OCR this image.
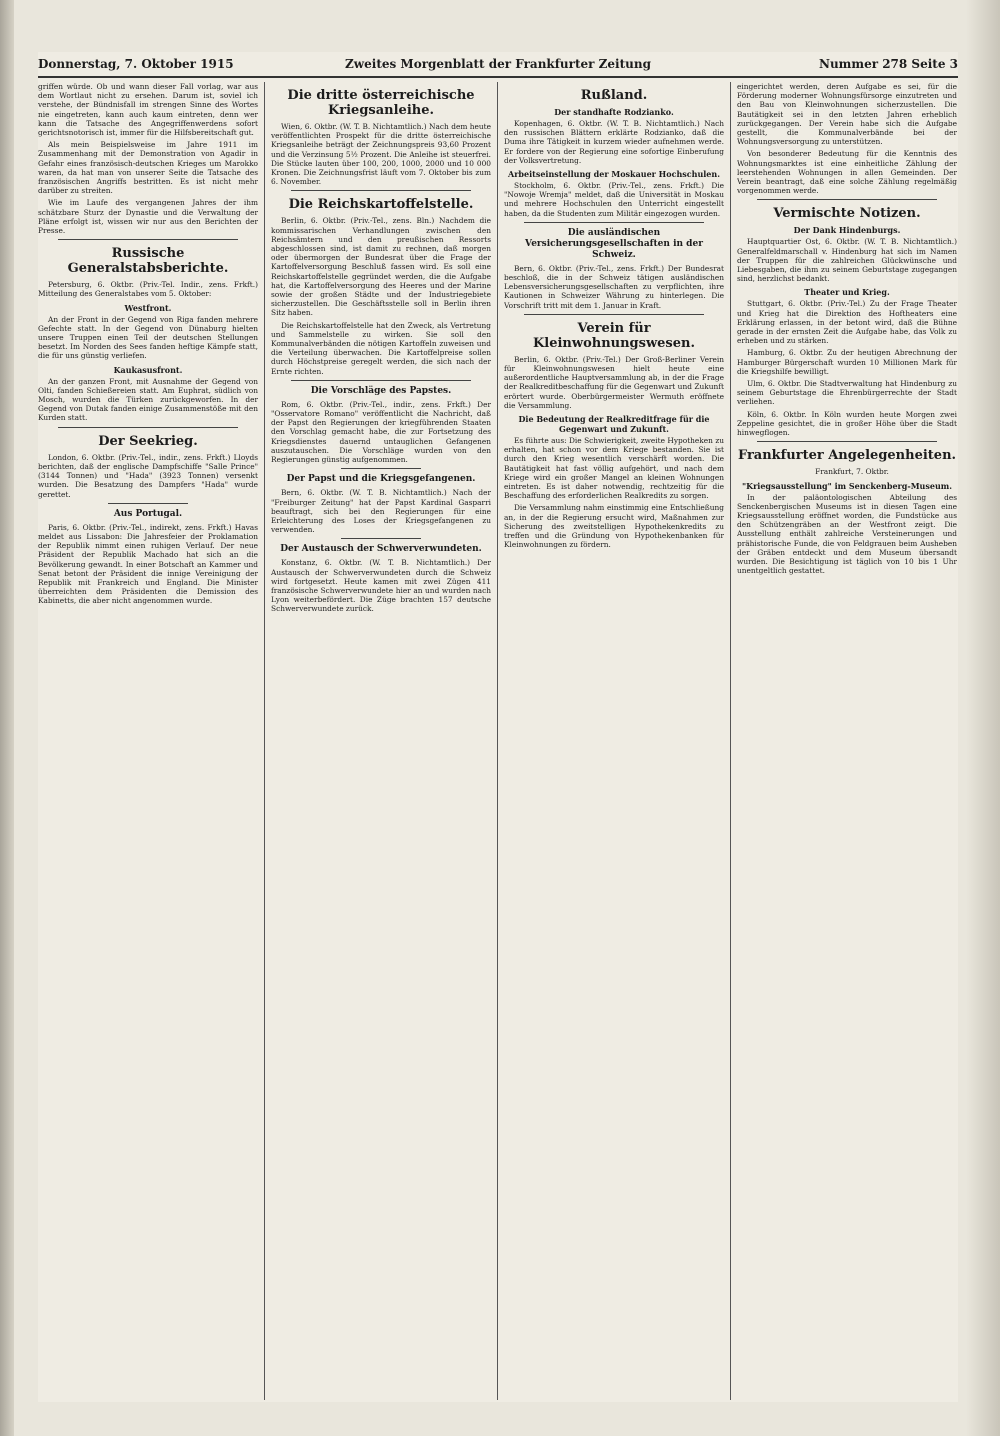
Donnerstag, 7. Oktober 1915	Zweites Morgenblatt der Frankfurter Zeitung	Nummer 278 Seite 3

griffen würde. Ob und wann dieser Fall vorlag, war aus dem Wortlaut nicht zu ersehen. Darum ist, soviel ich verstehe, der Bündnisfall im strengen Sinne des Wortes nie eingetreten, kann auch kaum eintreten, denn wer kann die Tatsache des Angegriffenwerdens sofort gerichtsnotorisch ist, immer für die Hilfsbereitschaft gut.

Als mein Beispielsweise im Jahre 1911 im Zusammenhang mit der Demonstration von Agadir in Gefahr eines französisch-deutschen Krieges um Marokko waren, da hat man von unserer Seite die Tatsache des französischen Angriffs bestritten. Es ist nicht mehr darüber zu streiten.

Wie im Laufe des vergangenen Jahres der ihm schätzbare Sturz der Dynastie und die Verwaltung der Pläne erfolgt ist, wissen wir nur aus den Berichten der Presse.

Russische Generalstabsberichte.

Petersburg, 6. Oktbr. (Priv.-Tel. Indir., zens. Frkft.) Mitteilung des Generalstabes vom 5. Oktober:

Westfront.

An der Front in der Gegend von Riga fanden mehrere Gefechte statt. In der Gegend von Dünaburg hielten unsere Truppen einen Teil der deutschen Stellungen besetzt. Im Norden des Sees fanden heftige Kämpfe statt, die für uns günstig verliefen.

Kaukasusfront.

An der ganzen Front, mit Ausnahme der Gegend von Olti, fanden Schießereien statt. Am Euphrat, südlich von Mosch, wurden die Türken zurückgeworfen. In der Gegend von Dutak fanden einige Zusammenstöße mit den Kurden statt.

Der Seekrieg.

London, 6. Oktbr. (Priv.-Tel., indir., zens. Frkft.) Lloyds berichten, daß der englische Dampfschiffe "Salle Prince" (3144 Tonnen) und "Hada" (3923 Tonnen) versenkt wurden. Die Besatzung des Dampfers "Hada" wurde gerettet.

Aus Portugal.

Paris, 6. Oktbr. (Priv.-Tel., indirekt, zens. Frkft.) Havas meldet aus Lissabon: Die Jahresfeier der Proklamation der Republik nimmt einen ruhigen Verlauf. Der neue Präsident der Republik Machado hat sich an die Bevölkerung gewandt. In einer Botschaft an Kammer und Senat betont der Präsident die innige Vereinigung der Republik mit Frankreich und England. Die Minister überreichten dem Präsidenten die Demission des Kabinetts, die aber nicht angenommen wurde.

Die dritte österreichische Kriegsanleihe.

Wien, 6. Oktbr. (W. T. B. Nichtamtlich.) Nach dem heute veröffentlichten Prospekt für die dritte österreichische Kriegsanleihe beträgt der Zeichnungspreis 93,60 Prozent und die Verzinsung 5½ Prozent. Die Anleihe ist steuerfrei. Die Stücke lauten über 100, 200, 1000, 2000 und 10 000 Kronen. Die Zeichnungsfrist läuft vom 7. Oktober bis zum 6. November.

Die Reichskartoffelstelle.

Berlin, 6. Oktbr. (Priv.-Tel., zens. Bln.) Nachdem die kommissarischen Verhandlungen zwischen den Reichsämtern und den preußischen Ressorts abgeschlossen sind, ist damit zu rechnen, daß morgen oder übermorgen der Bundesrat über die Frage der Kartoffelversorgung Beschluß fassen wird. Es soll eine Reichskartoffelstelle gegründet werden, die die Aufgabe hat, die Kartoffelversorgung des Heeres und der Marine sowie der großen Städte und der Industriegebiete sicherzustellen. Die Geschäftsstelle soll in Berlin ihren Sitz haben.

Die Reichskartoffelstelle hat den Zweck, als Vertretung und Sammelstelle zu wirken. Sie soll den Kommunalverbänden die nötigen Kartoffeln zuweisen und die Verteilung überwachen. Die Kartoffelpreise sollen durch Höchstpreise geregelt werden, die sich nach der Ernte richten.

Die Vorschläge des Papstes.

Rom, 6. Oktbr. (Priv.-Tel., indir., zens. Frkft.) Der "Osservatore Romano" veröffentlicht die Nachricht, daß der Papst den Regierungen der kriegführenden Staaten den Vorschlag gemacht habe, die zur Fortsetzung des Kriegsdienstes dauernd untauglichen Gefangenen auszutauschen. Die Vorschläge wurden von den Regierungen günstig aufgenommen.

Der Papst und die Kriegsgefangenen.

Bern, 6. Oktbr. (W. T. B. Nichtamtlich.) Nach der "Freiburger Zeitung" hat der Papst Kardinal Gasparri beauftragt, sich bei den Regierungen für eine Erleichterung des Loses der Kriegsgefangenen zu verwenden.

Der Austausch der Schwerverwundeten.

Konstanz, 6. Oktbr. (W. T. B. Nichtamtlich.) Der Austausch der Schwerverwundeten durch die Schweiz wird fortgesetzt. Heute kamen mit zwei Zügen 411 französische Schwerverwundete hier an und wurden nach Lyon weiterbefördert. Die Züge brachten 157 deutsche Schwerverwundete zurück.

Rußland.
Der standhafte Rodzianko.

Kopenhagen, 6. Oktbr. (W. T. B. Nichtamtlich.) Nach den russischen Blättern erklärte Rodzianko, daß die Duma ihre Tätigkeit in kurzem wieder aufnehmen werde. Er fordere von der Regierung eine sofortige Einberufung der Volksvertretung.

Arbeitseinstellung der Moskauer Hochschulen.

Stockholm, 6. Oktbr. (Priv.-Tel., zens. Frkft.) Die "Nowoje Wremja" meldet, daß die Universität in Moskau und mehrere Hochschulen den Unterricht eingestellt haben, da die Studenten zum Militär eingezogen wurden.

Die ausländischen Versicherungsgesellschaften in der Schweiz.

Bern, 6. Oktbr. (Priv.-Tel., zens. Frkft.) Der Bundesrat beschloß, die in der Schweiz tätigen ausländischen Lebensversicherungsgesellschaften zu verpflichten, ihre Kautionen in Schweizer Währung zu hinterlegen. Die Vorschrift tritt mit dem 1. Januar in Kraft.

Verein für Kleinwohnungswesen.

Berlin, 6. Oktbr. (Priv.-Tel.) Der Groß-Berliner Verein für Kleinwohnungswesen hielt heute eine außerordentliche Hauptversammlung ab, in der die Frage der Realkreditbeschaffung für die Gegenwart und Zukunft erörtert wurde. Oberbürgermeister Wermuth eröffnete die Versammlung.

Die Bedeutung der Realkreditfrage für die Gegenwart und Zukunft.

Es führte aus: Die Schwierigkeit, zweite Hypotheken zu erhalten, hat schon vor dem Kriege bestanden. Sie ist durch den Krieg wesentlich verschärft worden. Die Bautätigkeit hat fast völlig aufgehört, und nach dem Kriege wird ein großer Mangel an kleinen Wohnungen eintreten. Es ist daher notwendig, rechtzeitig für die Beschaffung des erforderlichen Realkredits zu sorgen.

Die Versammlung nahm einstimmig eine Entschließung an, in der die Regierung ersucht wird, Maßnahmen zur Sicherung des zweitstelligen Hypothekenkredits zu treffen und die Gründung von Hypothekenbanken für Kleinwohnungen zu fördern.

eingerichtet werden, deren Aufgabe es sei, für die Förderung moderner Wohnungsfürsorge einzutreten und den Bau von Kleinwohnungen sicherzustellen. Die Bautätigkeit sei in den letzten Jahren erheblich zurückgegangen. Der Verein habe sich die Aufgabe gestellt, die Kommunalverbände bei der Wohnungsversorgung zu unterstützen.

Von besonderer Bedeutung für die Kenntnis des Wohnungsmarktes ist eine einheitliche Zählung der leerstehenden Wohnungen in allen Gemeinden. Der Verein beantragt, daß eine solche Zählung regelmäßig vorgenommen werde.

Vermischte Notizen.
Der Dank Hindenburgs.

Hauptquartier Ost, 6. Oktbr. (W. T. B. Nichtamtlich.) Generalfeldmarschall v. Hindenburg hat sich im Namen der Truppen für die zahlreichen Glückwünsche und Liebesgaben, die ihm zu seinem Geburtstage zugegangen sind, herzlichst bedankt.

Theater und Krieg.

Stuttgart, 6. Oktbr. (Priv.-Tel.) Zu der Frage Theater und Krieg hat die Direktion des Hoftheaters eine Erklärung erlassen, in der betont wird, daß die Bühne gerade in der ernsten Zeit die Aufgabe habe, das Volk zu erheben und zu stärken.

Hamburg, 6. Oktbr. Zu der heutigen Abrechnung der Hamburger Bürgerschaft wurden 10 Millionen Mark für die Kriegshilfe bewilligt.

Ulm, 6. Oktbr. Die Stadtverwaltung hat Hindenburg zu seinem Geburtstage die Ehrenbürgerrechte der Stadt verliehen.

Köln, 6. Oktbr. In Köln wurden heute Morgen zwei Zeppeline gesichtet, die in großer Höhe über die Stadt hinwegflogen.

Frankfurter Angelegenheiten.

Frankfurt, 7. Oktbr.

"Kriegsausstellung" im Senckenberg-Museum.

In der paläontologischen Abteilung des Senckenbergischen Museums ist in diesen Tagen eine Kriegsausstellung eröffnet worden, die Fundstücke aus den Schützengräben an der Westfront zeigt. Die Ausstellung enthält zahlreiche Versteinerungen und prähistorische Funde, die von Feldgrauen beim Ausheben der Gräben entdeckt und dem Museum übersandt wurden. Die Besichtigung ist täglich von 10 bis 1 Uhr unentgeltlich gestattet.
